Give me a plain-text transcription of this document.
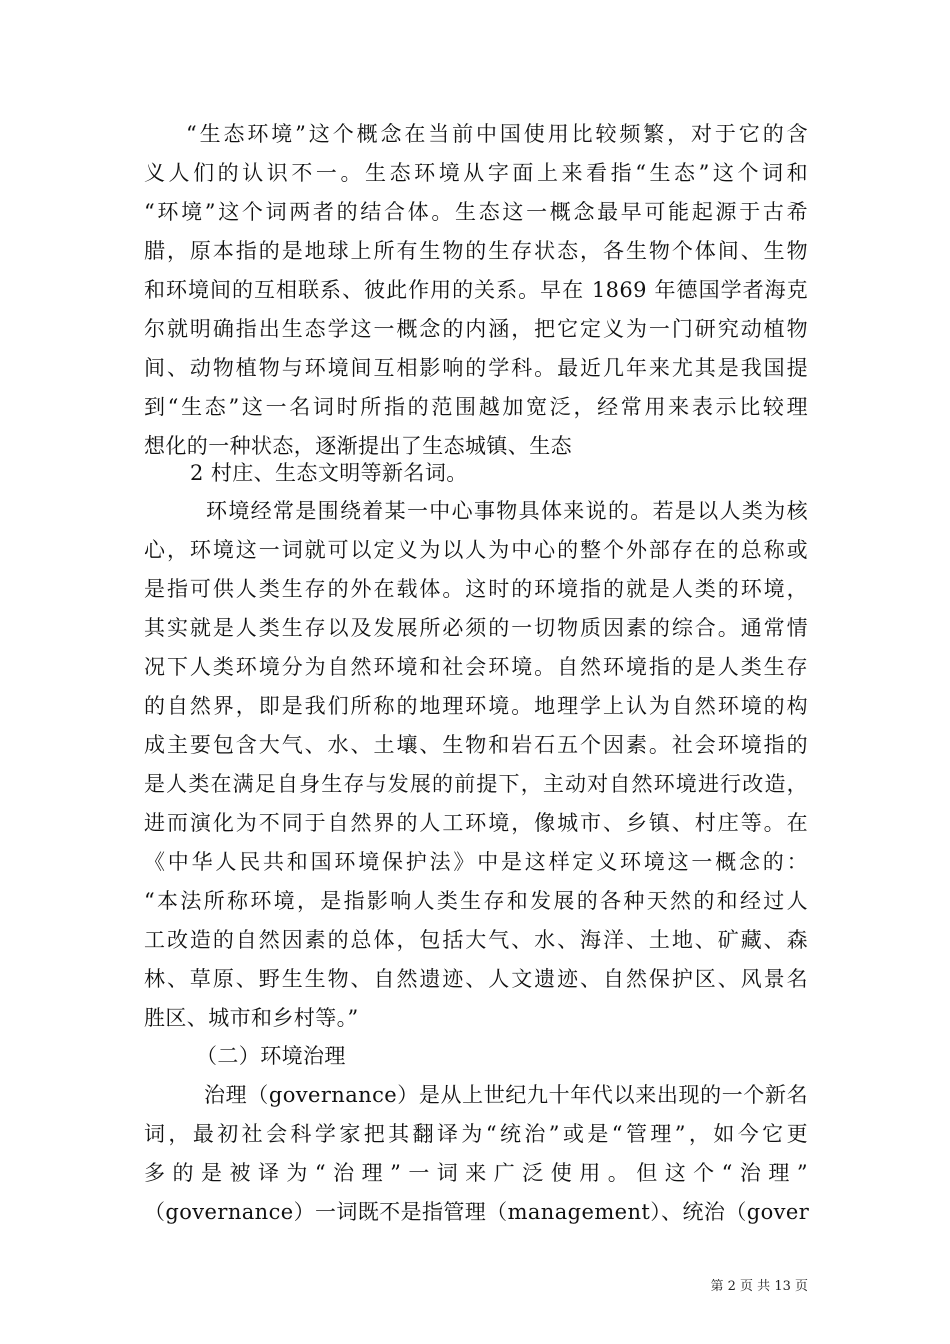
“生态环境”这个概念在当前中国使用比较频繁，对于它的含
义人们的认识不一。生态环境从字面上来看指“生态”这个词和
“环境”这个词两者的结合体。生态这一概念最早可能起源于古希
腊，原本指的是地球上所有生物的生存状态，各生物个体间、生物
和环境间的互相联系、彼此作用的关系。早在 1869 年德国学者海克
尔就明确指出生态学这一概念的内涵，把它定义为一门研究动植物
间、动物植物与环境间互相影响的学科。最近几年来尤其是我国提
到“生态”这一名词时所指的范围越加宽泛，经常用来表示比较理
想化的一种状态，逐渐提出了生态城镇、生态
2 村庄、生态文明等新名词。
环境经常是围绕着某一中心事物具体来说的。若是以人类为核
心，环境这一词就可以定义为以人为中心的整个外部存在的总称或
是指可供人类生存的外在载体。这时的环境指的就是人类的环境，
其实就是人类生存以及发展所必须的一切物质因素的综合。通常情
况下人类环境分为自然环境和社会环境。自然环境指的是人类生存
的自然界，即是我们所称的地理环境。地理学上认为自然环境的构
成主要包含大气、水、土壤、生物和岩石五个因素。社会环境指的
是人类在满足自身生存与发展的前提下，主动对自然环境进行改造，
进而演化为不同于自然界的人工环境，像城市、乡镇、村庄等。在
《中华人民共和国环境保护法》中是这样定义环境这一概念的：
“本法所称环境，是指影响人类生存和发展的各种天然的和经过人
工改造的自然因素的总体，包括大气、水、海洋、土地、矿藏、森
林、草原、野生生物、自然遗迹、人文遗迹、自然保护区、风景名
胜区、城市和乡村等。”
（二）环境治理
治理（governance）是从上世纪九十年代以来出现的一个新名
词，最初社会科学家把其翻译为“统治”或是“管理”，如今它更
多的是被译为“治理”一词来广泛使用。但这个“治理”
（governance）一词既不是指管理（management）、统治（gover
第 2 页 共 13 页
